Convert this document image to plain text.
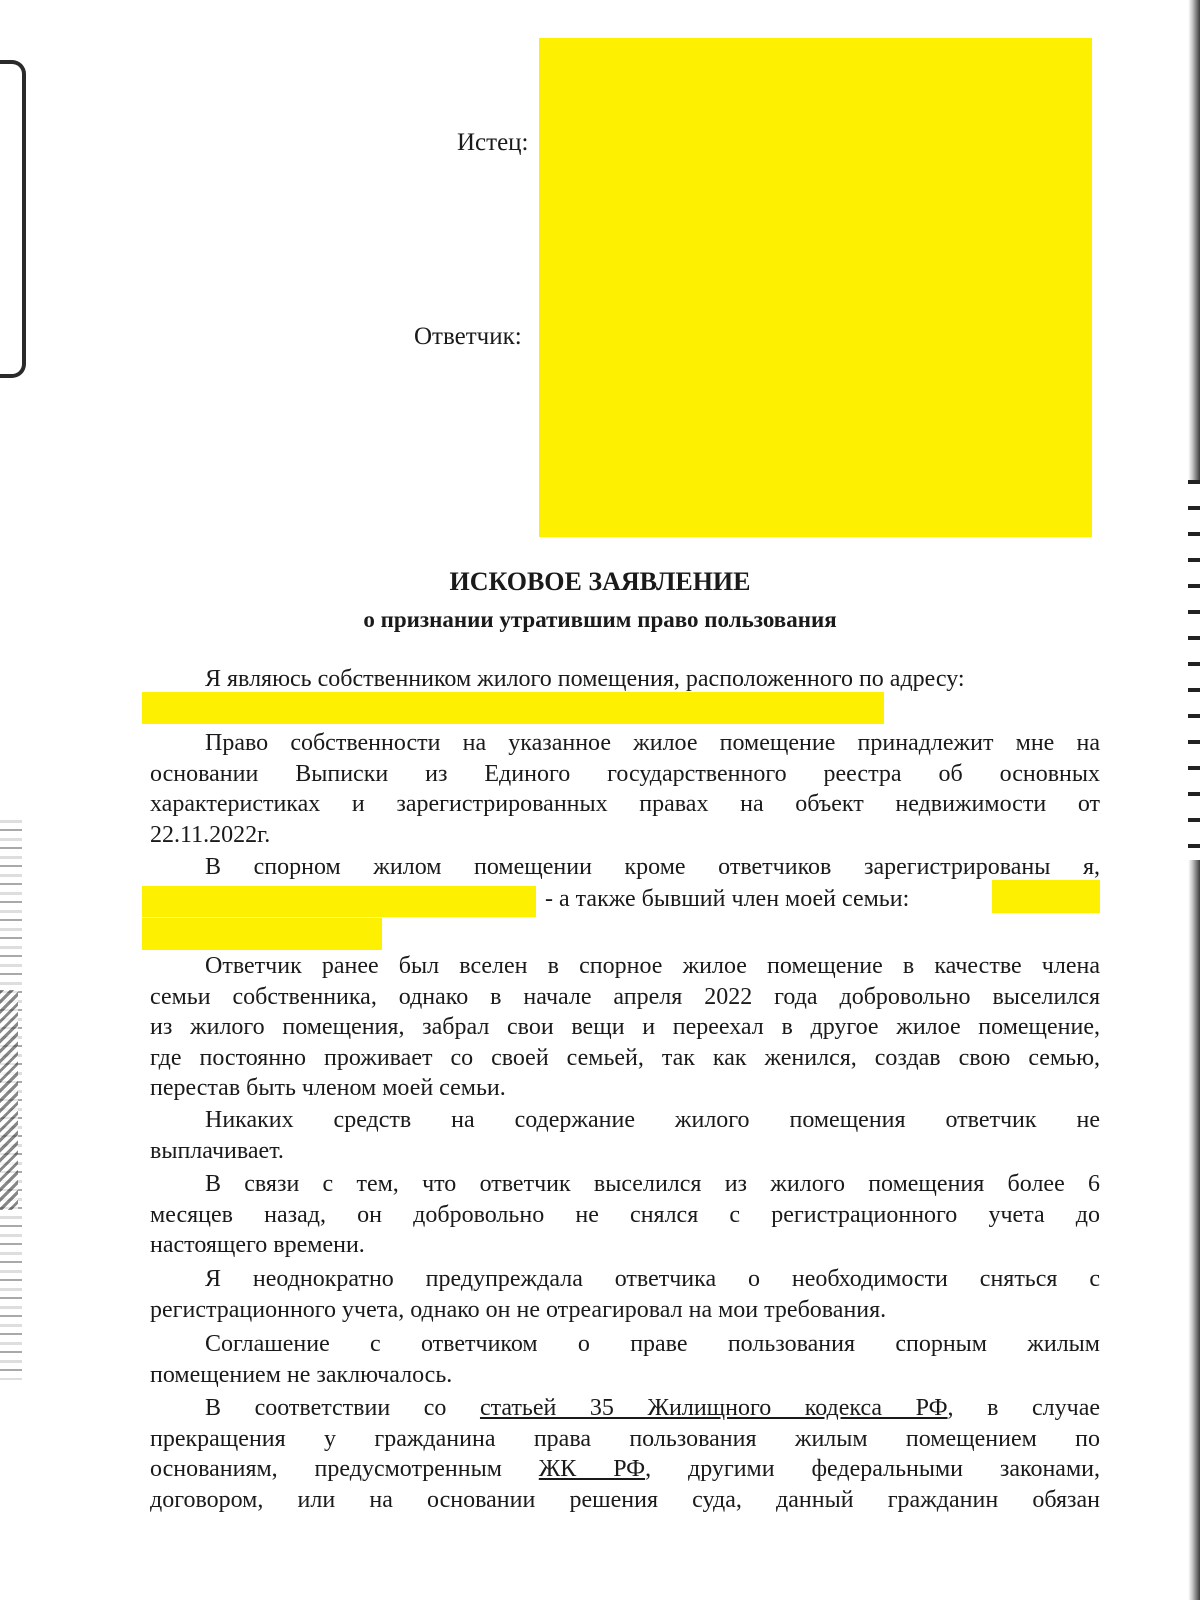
Истец:
Ответчик:
ИСКОВОЕ ЗАЯВЛЕНИЕ
о признании утратившим право пользования
Я являюсь собственником жилого помещения, расположенного по адресу:
Право собственности на указанное жилое помещение принадлежит мне на
основании Выписки из Единого государственного реестра об основных
характеристиках и зарегистрированных правах на объект недвижимости от
22.11.2022г.
В спорном жилом помещении кроме ответчиков зарегистрированы я,
- а также бывший член моей семьи:
Ответчик ранее был вселен в спорное жилое помещение в качестве члена
семьи собственника, однако в начале апреля 2022 года добровольно выселился
из жилого помещения, забрал свои вещи и переехал в другое жилое помещение,
где постоянно проживает со своей семьей, так как женился, создав свою семью,
перестав быть членом моей семьи.
Никаких средств на содержание жилого помещения ответчик не
выплачивает.
В связи с тем, что ответчик выселился из жилого помещения более 6
месяцев назад, он добровольно не снялся с регистрационного учета до
настоящего времени.
Я неоднократно предупреждала ответчика о необходимости сняться с
регистрационного учета, однако он не отреагировал на мои требования.
Соглашение с ответчиком о праве пользования спорным жилым
помещением не заключалось.
В соответствии со статьей 35 Жилищного кодекса РФ, в случае
прекращения у гражданина права пользования жилым помещением по
основаниям, предусмотренным ЖК РФ, другими федеральными законами,
договором, или на основании решения суда, данный гражданин обязан
